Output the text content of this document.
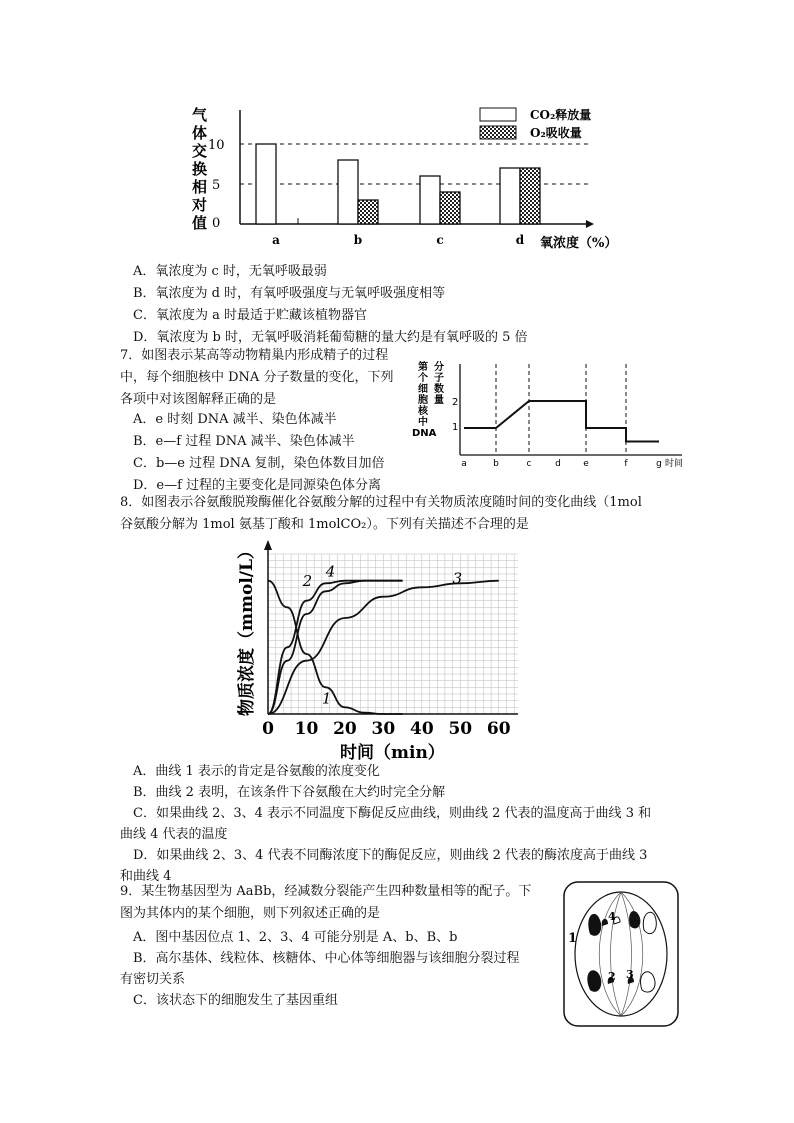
气
体
交
换
相
对
值
10
5
0
a	b	c	d
CO₂释放量
O₂吸收量
氧浓度（%）
A．氧浓度为 c 时，无氧呼吸最弱
B．氧浓度为 d 时，有氧呼吸强度与无氧呼吸强度相等
C．氧浓度为 a 时最适于贮藏该植物器官
D．氧浓度为 b 时，无氧呼吸消耗葡萄糖的量大约是有氧呼吸的 5 倍
7．如图表示某高等动物精巢内形成精子的过程
中，每个细胞核中 DNA 分子数量的变化，下列
各项中对该图解释正确的是
A．e 时刻 DNA 减半、染色体减半
B．e—f 过程 DNA 减半、染色体减半
C．b—e 过程 DNA 复制，染色体数目加倍
D．e—f 过程的主要变化是同源染色体分离
第
个
细
胞
核
中
DNA
分
子
数
量 2
1
a	b	c	d e	f	g 时间
8．如图表示谷氨酸脱羧酶催化谷氨酸分解的过程中有关物质浓度随时间的变化曲线（1mol
谷氨酸分解为 1mol 氨基丁酸和 1molCO₂）。下列有关描述不合理的是
1
2	3
4
0 10 20 30 40 50 60
物质浓度（mmol/L）
时间（min）
A．曲线 1 表示的肯定是谷氨酸的浓度变化
B．曲线 2 表明，在该条件下谷氨酸在大约时完全分解
C．如果曲线 2、3、4 表示不同温度下酶促反应曲线，则曲线 2 代表的温度高于曲线 3 和
曲线 4 代表的温度
D．如果曲线 2、3、4 代表不同酶浓度下的酶促反应，则曲线 2 代表的酶浓度高于曲线 3
和曲线 4
9．某生物基因型为 AaBb，经减数分裂能产生四种数量相等的配子。下
图为其体内的某个细胞，则下列叙述正确的是
A．图中基因位点 1、2、3、4 可能分别是 A、b、B、b
B．高尔基体、线粒体、核糖体、中心体等细胞器与该细胞分裂过程
有密切关系
C．该状态下的细胞发生了基因重组
1
2 3
4
